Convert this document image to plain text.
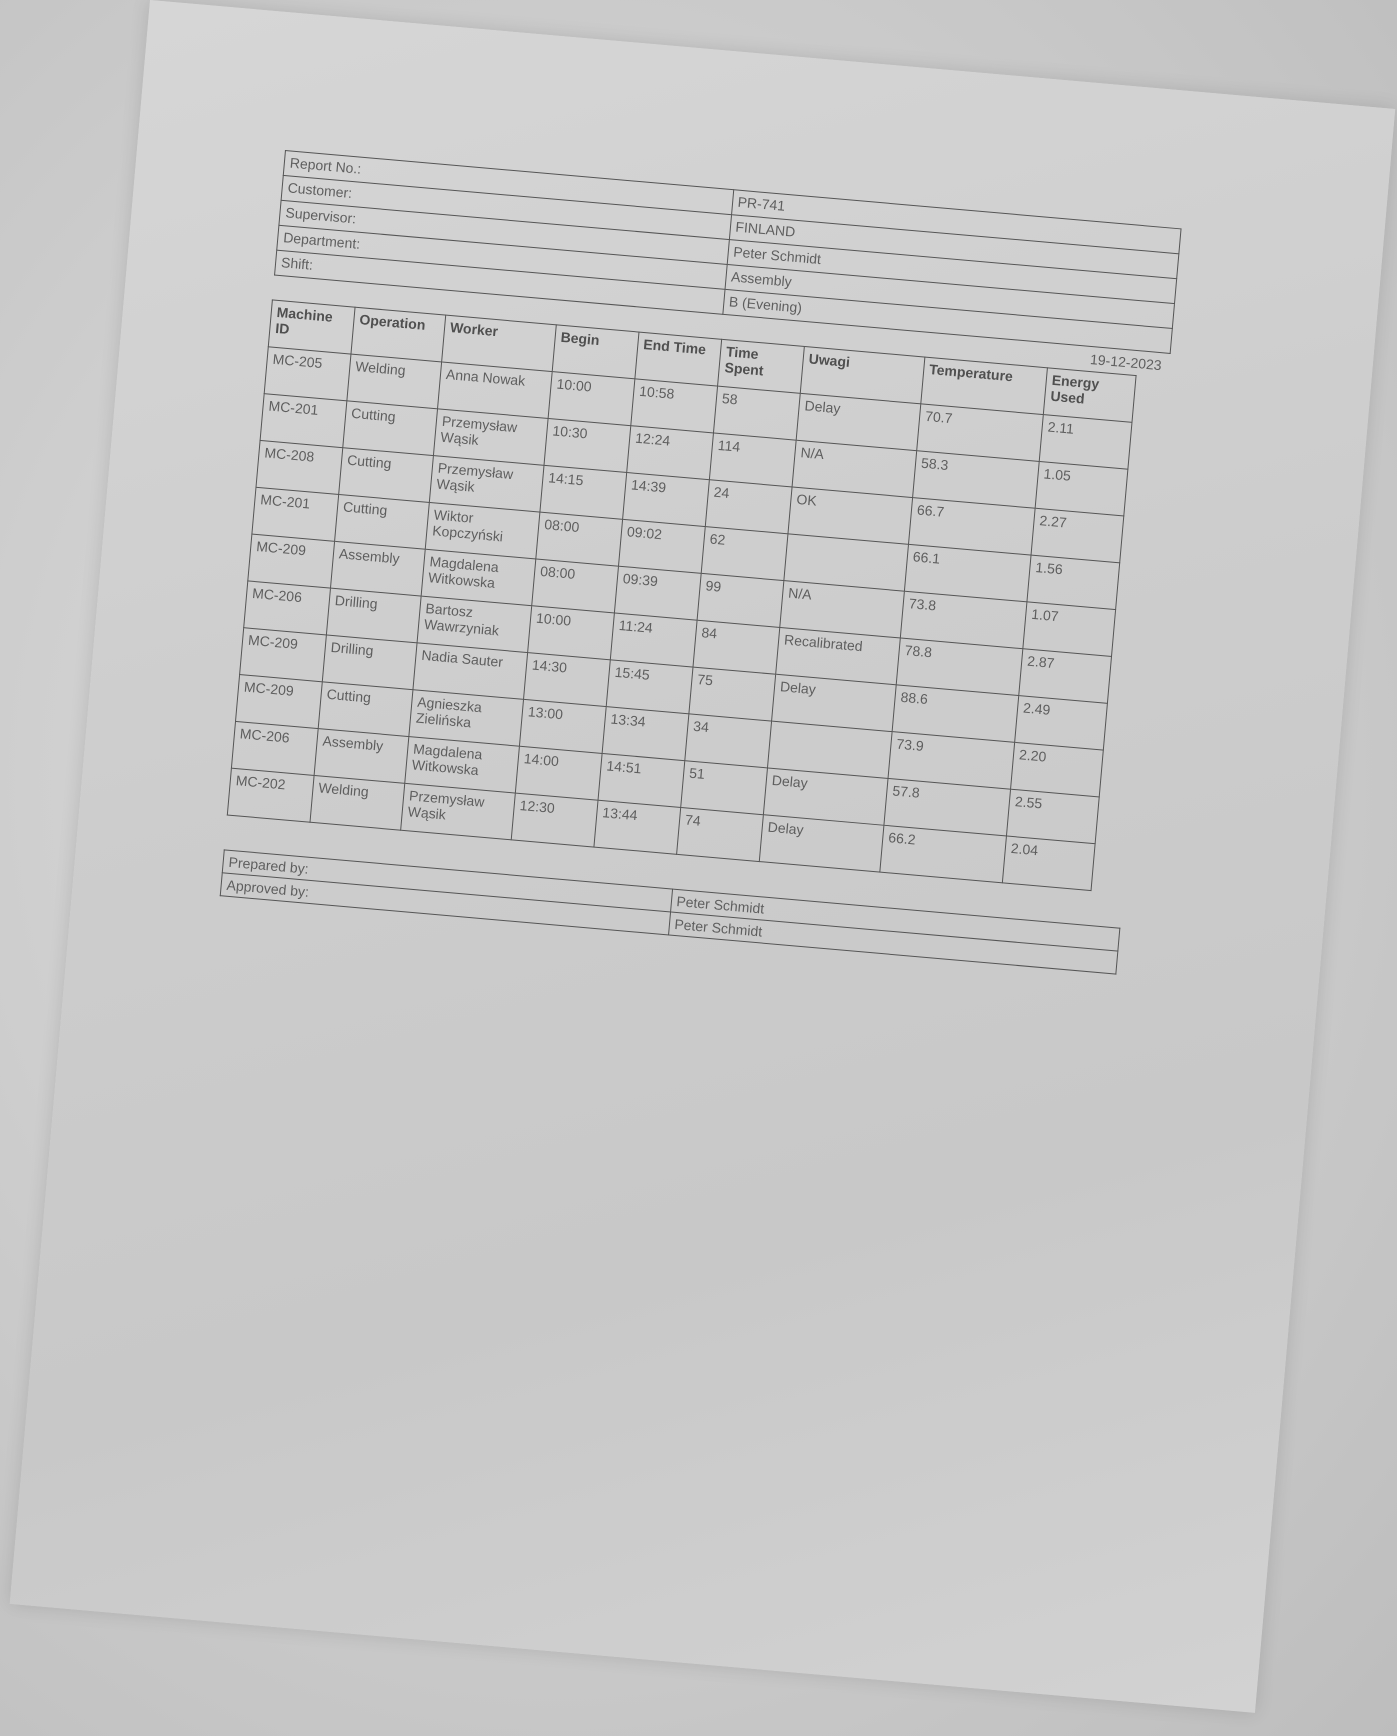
Report No.:	PR-741
Customer:	FINLAND
Supervisor:	Peter Schmidt
Department:	Assembly
Shift:	B (Evening)
19-12-2023
Machine ID	Operation	Worker	Begin	End Time	Time Spent	Uwagi	Temperature	Energy Used
MC-205	Welding	Anna Nowak	10:00	10:58	58	Delay	70.7	2.11
MC-201	Cutting	Przemysław Wąsik	10:30	12:24	114	N/A	58.3	1.05
MC-208	Cutting	Przemysław Wąsik	14:15	14:39	24	OK	66.7	2.27
MC-201	Cutting	Wiktor Kopczyński	08:00	09:02	62		66.1	1.56
MC-209	Assembly	Magdalena Witkowska	08:00	09:39	99	N/A	73.8	1.07
MC-206	Drilling	Bartosz Wawrzyniak	10:00	11:24	84	Recalibrated	78.8	2.87
MC-209	Drilling	Nadia Sauter	14:30	15:45	75	Delay	88.6	2.49
MC-209	Cutting	Agnieszka Zielińska	13:00	13:34	34		73.9	2.20
MC-206	Assembly	Magdalena Witkowska	14:00	14:51	51	Delay	57.8	2.55
MC-202	Welding	Przemysław Wąsik	12:30	13:44	74	Delay	66.2	2.04
Prepared by:	Peter Schmidt
Approved by:	Peter Schmidt
